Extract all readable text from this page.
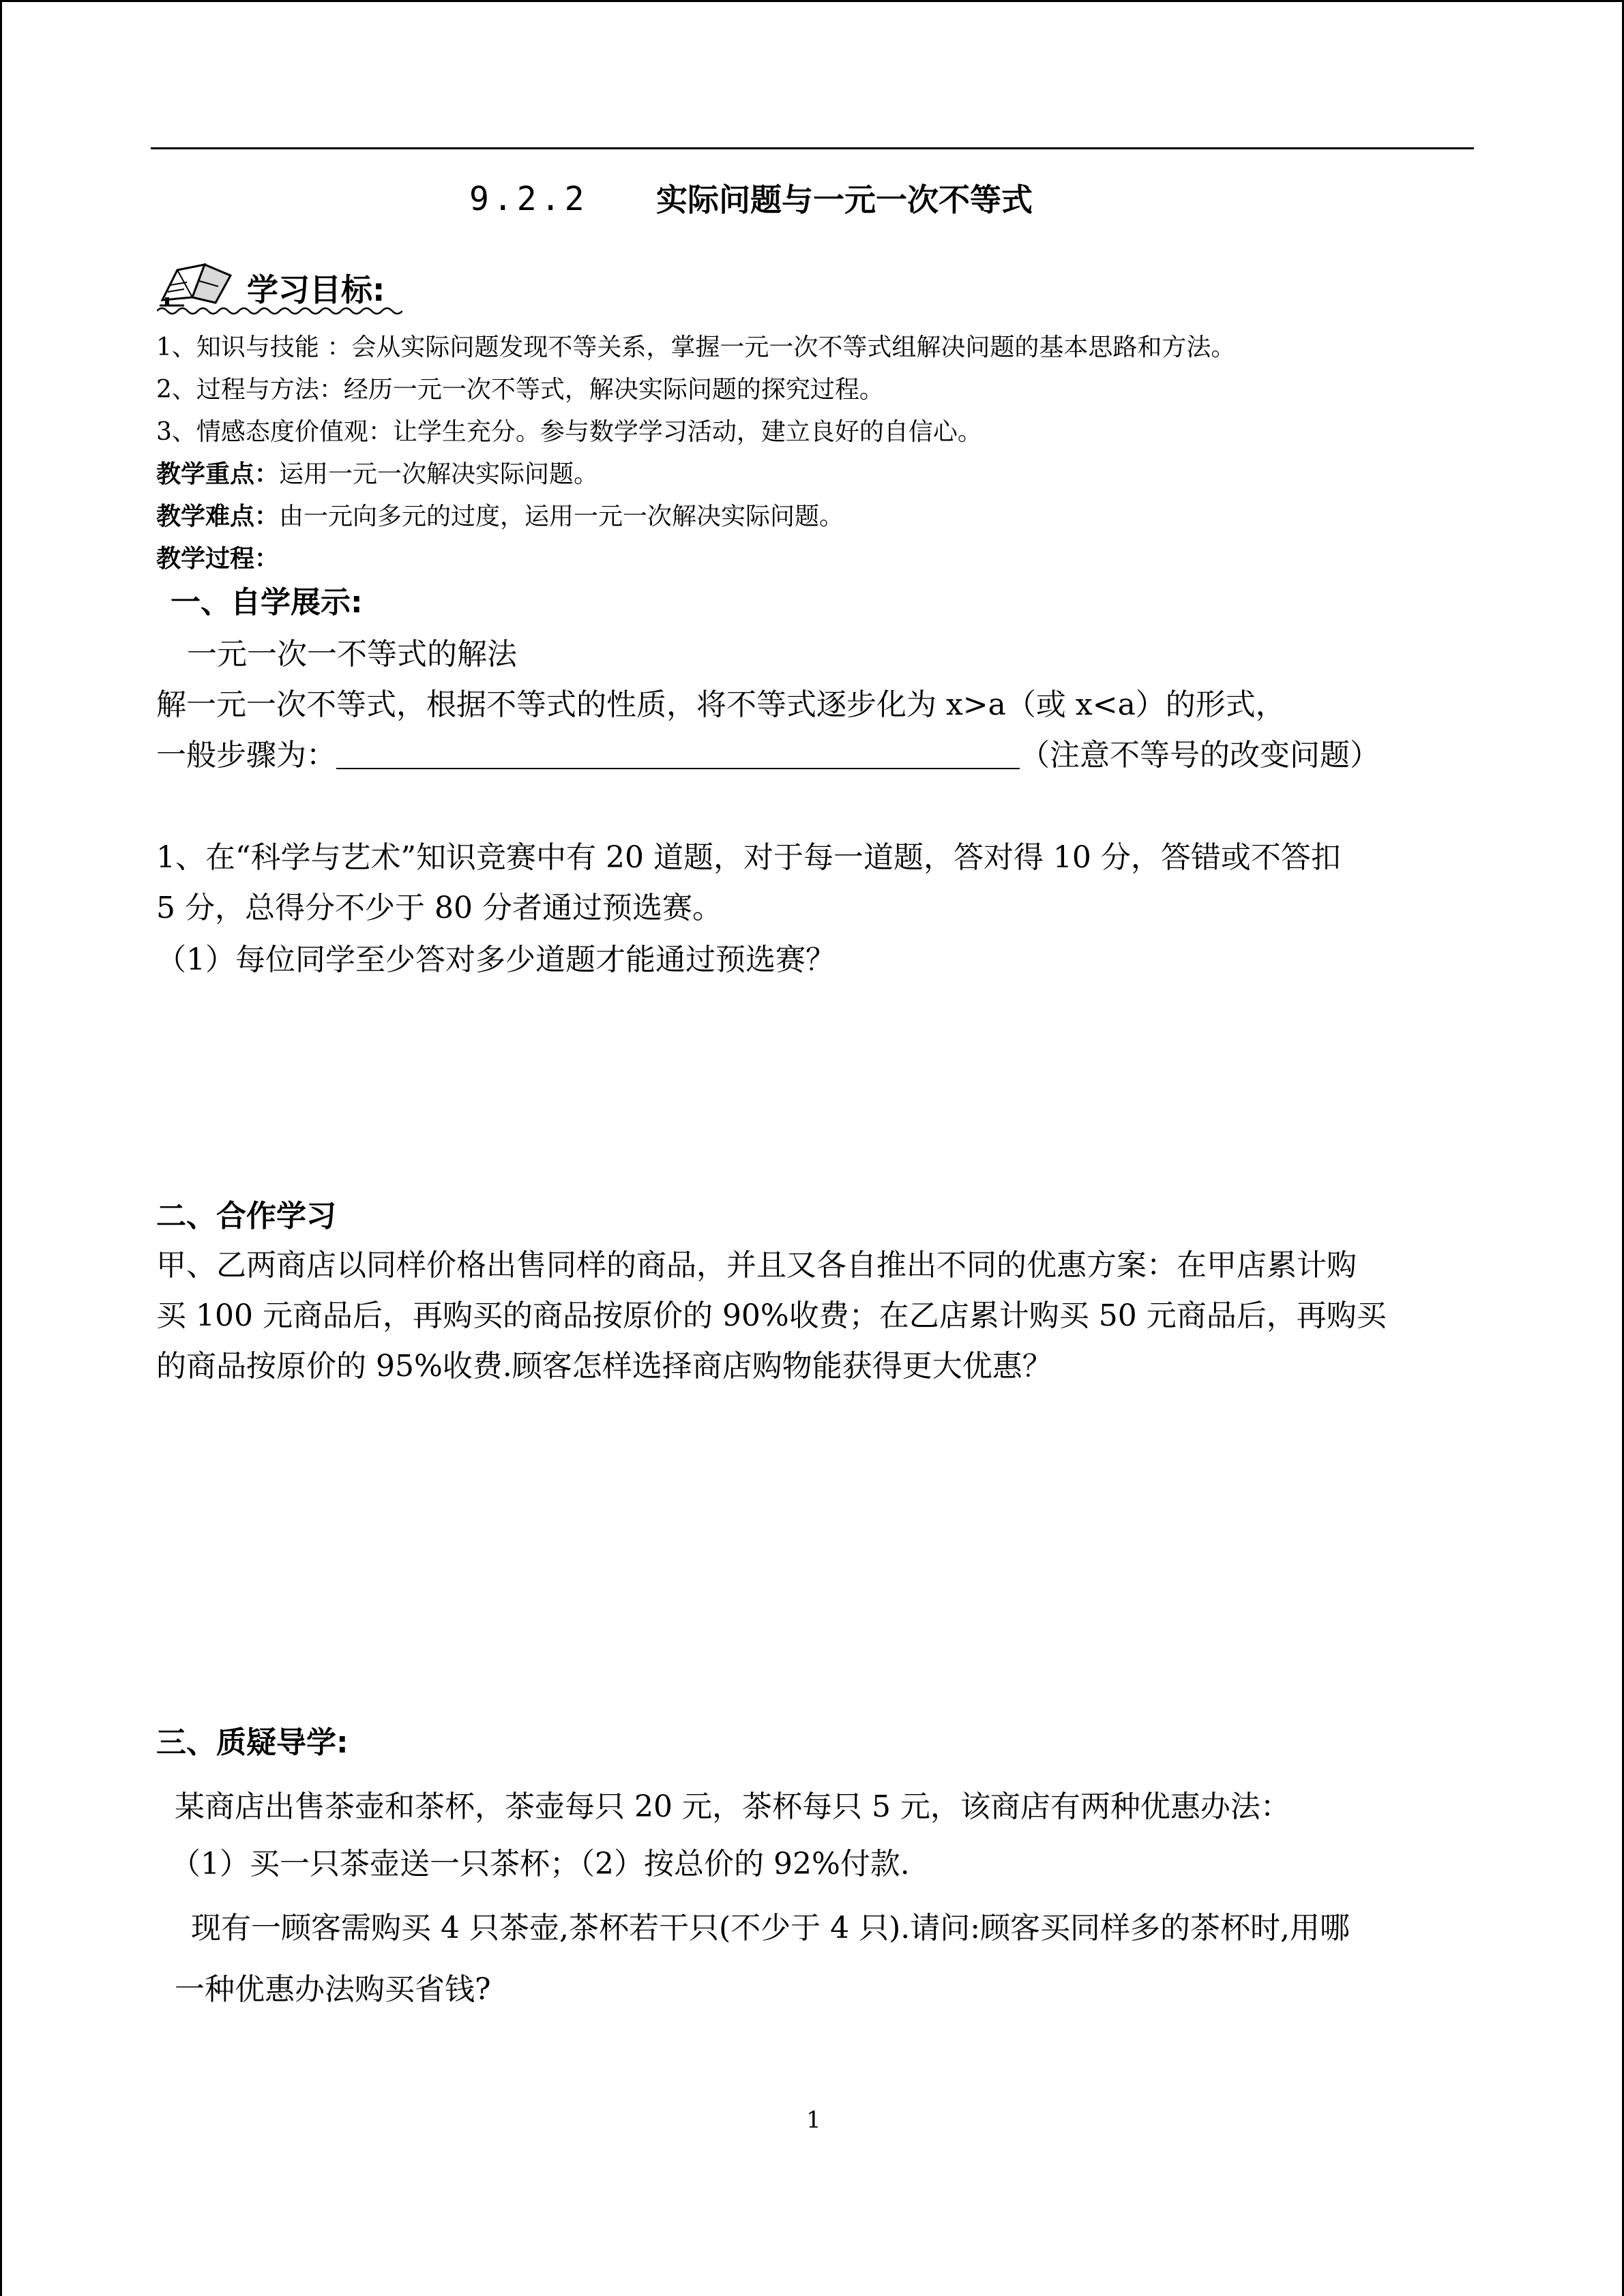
9.2.2 实际问题与一元一次不等式
学习目标:
1、知识与技能 ：会从实际问题发现不等关系，掌握一元一次不等式组解决问题的基本思路和方法。
2、过程与方法：经历一元一次不等式，解决实际问题的探究过程。
3、情感态度价值观：让学生充分。参与数学学习活动，建立良好的自信心。
教学重点：运用一元一次解决实际问题。
教学难点：由一元向多元的过度，运用一元一次解决实际问题。
教学过程：
一、自学展示:
一元一次一不等式的解法
解一元一次不等式，根据不等式的性质，将不等式逐步化为 x>a（或 x<a）的形式，
一般步骤为：	（注意不等号的改变问题）
1、在“科学与艺术”知识竞赛中有 20 道题，对于每一道题，答对得 10 分，答错或不答扣
5 分，总得分不少于 80 分者通过预选赛。
（1）每位同学至少答对多少道题才能通过预选赛？
二、合作学习
甲、乙两商店以同样价格出售同样的商品，并且又各自推出不同的优惠方案：在甲店累计购
买 100 元商品后，再购买的商品按原价的 90%收费；在乙店累计购买 50 元商品后，再购买
的商品按原价的 95%收费.顾客怎样选择商店购物能获得更大优惠？
三、质疑导学:
某商店出售茶壶和茶杯，茶壶每只 20 元，茶杯每只 5 元，该商店有两种优惠办法：
（1）买一只茶壶送一只茶杯；（2）按总价的 92%付款.
现有一顾客需购买 4 只茶壶,茶杯若干只(不少于 4 只).请问:顾客买同样多的茶杯时,用哪
一种优惠办法购买省钱?
1
